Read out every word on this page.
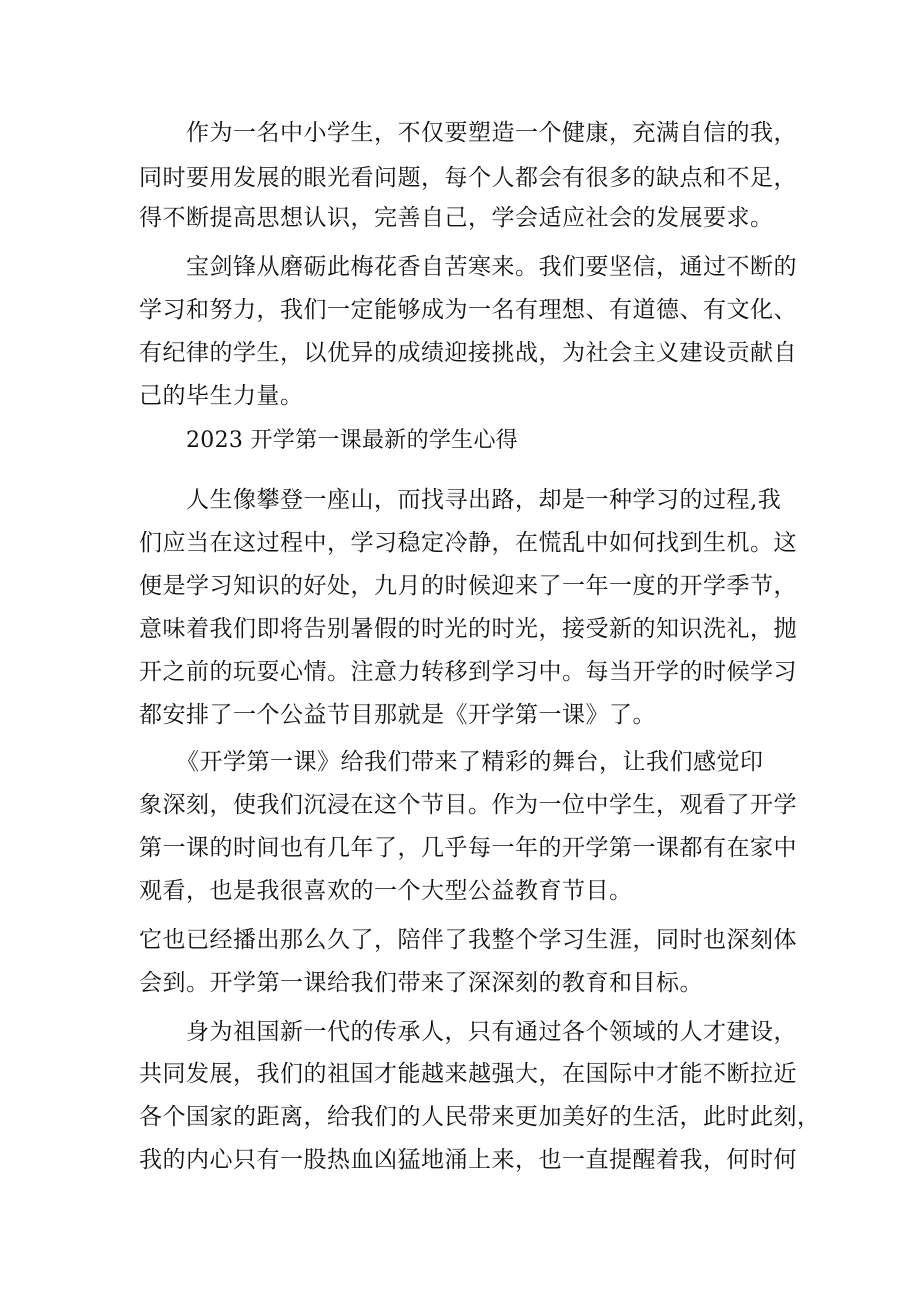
作为一名中小学生，不仅要塑造一个健康，充满自信的我，
同时要用发展的眼光看问题，每个人都会有很多的缺点和不足，
得不断提高思想认识，完善自己，学会适应社会的发展要求。
宝剑锋从磨砺此梅花香自苦寒来。我们要坚信，通过不断的
学习和努力，我们一定能够成为一名有理想、有道德、有文化、
有纪律的学生，以优异的成绩迎接挑战，为社会主义建设贡献自
己的毕生力量。
2023 开学第一课最新的学生心得
人生像攀登一座山，而找寻出路，却是一种学习的过程,我
们应当在这过程中，学习稳定冷静，在慌乱中如何找到生机。这
便是学习知识的好处，九月的时候迎来了一年一度的开学季节，
意味着我们即将告别暑假的时光的时光，接受新的知识洗礼，抛
开之前的玩耍心情。注意力转移到学习中。每当开学的时候学习
都安排了一个公益节目那就是《开学第一课》了。
《开学第一课》给我们带来了精彩的舞台，让我们感觉印
象深刻，使我们沉浸在这个节目。作为一位中学生，观看了开学
第一课的时间也有几年了，几乎每一年的开学第一课都有在家中
观看，也是我很喜欢的一个大型公益教育节目。
它也已经播出那么久了，陪伴了我整个学习生涯，同时也深刻体
会到。开学第一课给我们带来了深深刻的教育和目标。
身为祖国新一代的传承人，只有通过各个领域的人才建设，
共同发展，我们的祖国才能越来越强大，在国际中才能不断拉近
各个国家的距离，给我们的人民带来更加美好的生活，此时此刻，
我的内心只有一股热血凶猛地涌上来，也一直提醒着我，何时何
